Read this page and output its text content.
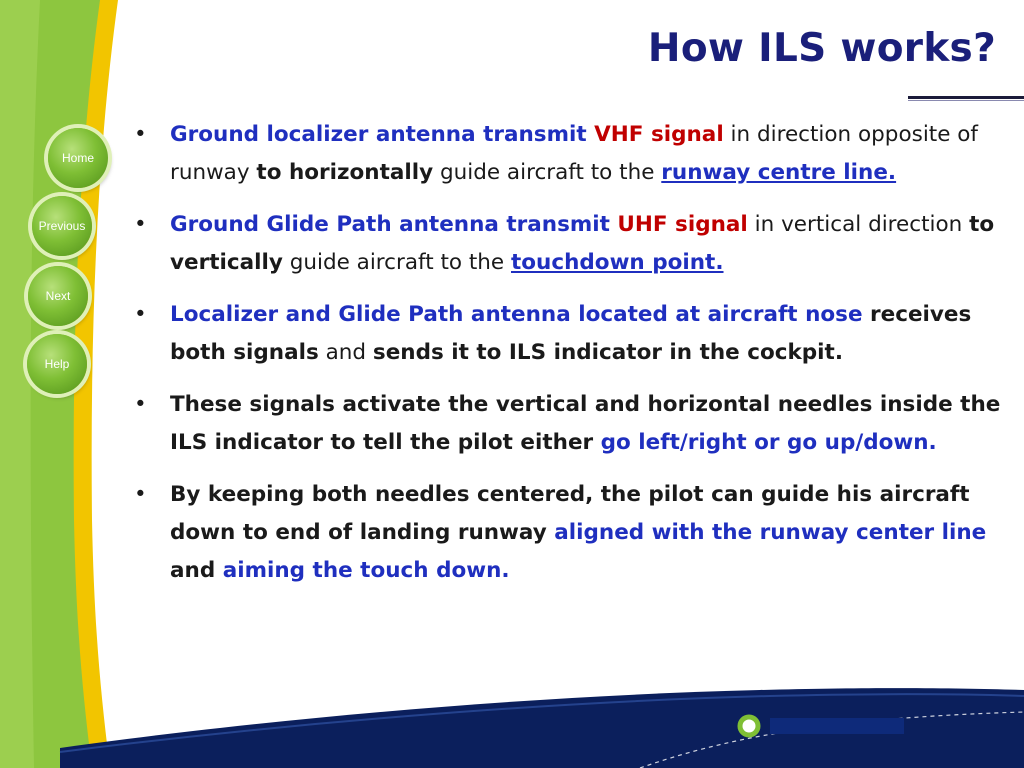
How ILS works?
Home
Previous
Next
Help
• Ground localizer antenna transmit VHF signal in direction opposite of runway to horizontally guide aircraft to the runway centre line.
• Ground Glide Path antenna transmit UHF signal in vertical direction to vertically guide aircraft to the touchdown point.
• Localizer and Glide Path antenna located at aircraft nose receives both signals and sends it to ILS indicator in the cockpit.
• These signals activate the vertical and horizontal needles inside the ILS indicator to tell the pilot either go left/right or go up/down.
• By keeping both needles centered, the pilot can guide his aircraft down to end of landing runway aligned with the runway center line and aiming the touch down.
